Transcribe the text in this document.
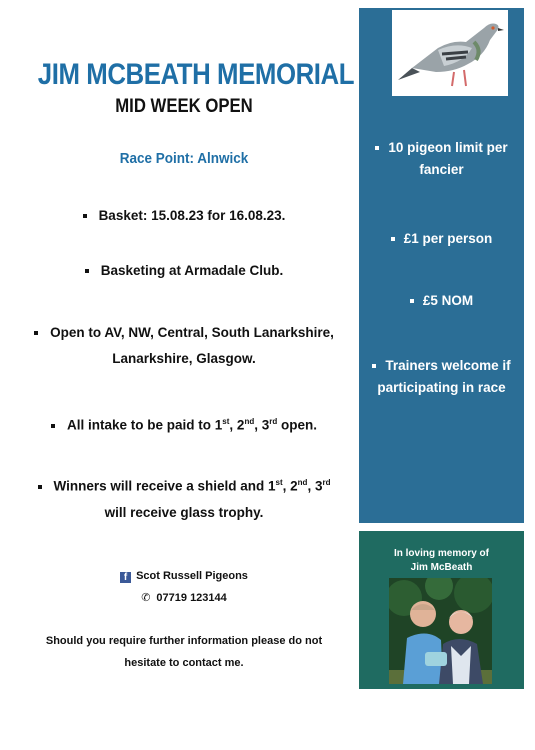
JIM MCBEATH MEMORIAL
MID WEEK OPEN
Race Point: Alnwick
Basket: 15.08.23 for 16.08.23.
Basketing at Armadale Club.
Open to AV, NW, Central, South Lanarkshire,
Lanarkshire, Glasgow.
All intake to be paid to 1st, 2nd, 3rd open.
Winners will receive a shield and 1st, 2nd, 3rd
will receive glass trophy.
10 pigeon limit per
fancier
£1 per person
£5 NOM
Trainers welcome if
participating in race
In loving memory of
Jim McBeath
f Scot Russell Pigeons
✆ 07719 123144
Should you require further information please do not
hesitate to contact me.
